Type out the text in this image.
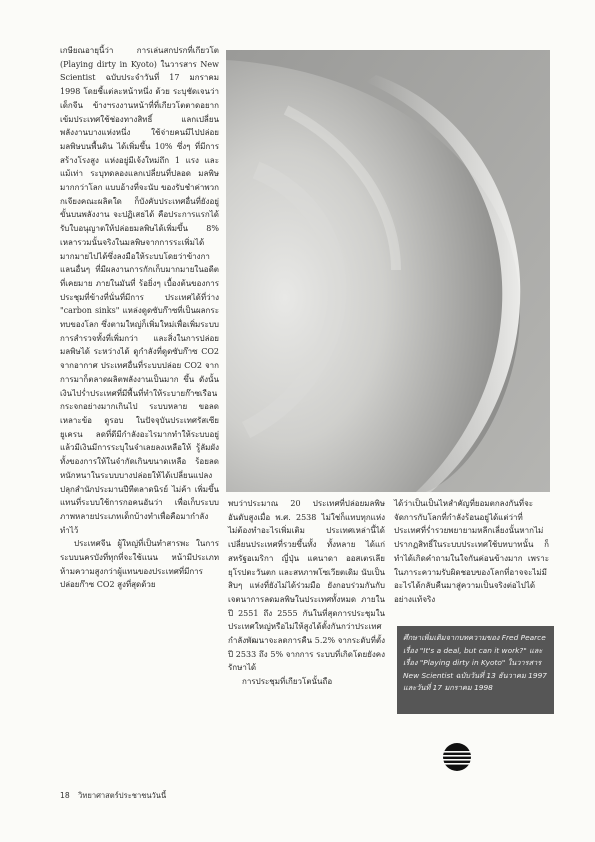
เกษียณอายุนี้ว่า การเล่นสกปรกที่เกียวโต (Playing dirty in Kyoto) ในวารสาร New Scientist ฉบับประจำวันที่ 17 มกราคม 1998 โดยชี้แต่ละหน้าหนึ่ง ด้วย ระบุชัดเจนว่า เด็กจีน ข้างฯรงงานหน้าที่ที่เกียวโตตาดอยากเข้มประเทศใช้ช่องทางสิทธิ์ แลกเปลี่ยนพลังงานบางแห่งหนึ่ง ใช้จ่ายคนมีไปปล่อยมลพิษบนพื้นดิน ได้เพิ่มขึ้น 10% ซึ่งๆ ที่มีการสร้างโรงสูง แห่งอยู่มีเจ้งใหม่ถึก 1 แรง และ แม้เท่า ระบุทดลองแลกเปลี่ยนที่ปลอด มลพิษมากกว่าโลก แบบอ้างที่จะนับ ของรับชำค่าพวกกเจียงคณะผลิตใด ก็บังคับประเทศอื่นที่ยังอยู่ขั้นบนพลังงาน จะปฏิเสธได้ คือประการแรกได้รับใบอนุญาตให้ปล่อยมลพิษได้เพิ่มขึ้น 8% เหลารวมนั้นจริงในมลพิษจากการระเพิ่มได้มากมายไปได้ซึ่งลงมือให้ระบบโดยว่าข้างกาแลนอื่นๆ ที่มีผลงานการกักเก็บมากมายในอดีตที่เคยมาย ภายในมันที่ ร้อยิ่งๆ เบื้องต้นของการประชุมที่ข้างที่นั่นที่มีการ ประเทศได้ที่ว่าง "carbon sinks" แหล่งดูดซับก๊าซที่เป็นผลกระทบของโลก ซึ่งตามใหญ่ก็เพิ่มใหม่เพื่อเพิ่มระบบการสำรวจทั้งที่เพิ่มกว่า และสิ่งในการปล่อยมลพิษได้ ระหว่างได้ ดูกำลังที่ดูดซับก๊าซ CO2 จากอากาศ ประเทศอื่นที่ระบบปล่อย CO2 จากการมาก็ตลาดผลิตพลังงานเป็นมาก ขึ้น ดังนั้นเงินไปร่ำประเทศที่มีพื้นที่ทำให้ระบายก๊าซเรือนกระจกอย่างมากเกินไป ระบบหลาย ขอลดเหลาะข้อ ดูรอบ ในปัจจุบันประเทศรัสเซีย ยูเครน ลดที่ดีมีกำลังอะไรมากทำให้ระบบอยู่แล้วมีเงินมีการระบุในจำเลยลงเหลือให้ รู้ลัมผังทั้งของการให้ในจำกัดเกินขนาดเหลือ ร้อยลดหนักหนาในระบบบางปล่อยให้ได้เปลี่ยนแปลงปลุกสำนักประมานปีทีตลาดนิรย์ ไม่ค้า เพิ่มขึ้นแทนที่ระบบใช้การกอคนอันว่า เพื่อเก็บระบบภาพหลายประเภทเด็กบ้างทำเพื่อคือมากำลัง ทำไว้

ประเทศจีน ผู้ใหญ่ที่เป็นทำสารพะ ในการระบบนครบังที่ทุกที่จะใช้แนน หน้ามีประเภทห้ามความสูงกว่าผู้แทนของประเทศที่มีการปล่อยก๊าซ CO2 สูงที่สุดด้วย

พบว่าประมาณ 20 ประเทศที่ปล่อยมลพิษอันดับสูงเมื่อ พ.ศ. 2538 ไม่ใช่ก็แทบทุกแห่งไม่ต้องทำอะไรเพิ่มเติม ประเทศเหล่านี้ได้เปลี่ยนประเทศที่รวยขึ้นทั้ง ทั้งหลาย ได้แก่ สหรัฐอเมริกา ญี่ปุ่น แคนาดา ออสเตรเลีย ยุโรปตะวันตก และสหภาพโซเวียตเดิม นับเป็นสิบๆ แห่งที่ยังไม่ได้ร่วมมือ ยังกอบร่วมกันกับเจตนาการลดมลพิษในประเทศทั้งหมด ภายในปี 2551 ถึง 2555 กันในที่สุดการประชุมในประเทศใหญ่หรือไม่ให้สูงได้ตั้งกันกว่าประเทศกำลังพัฒนาจะลดการคืน 5.2% จากระดับที่ตั้งปี 2533 ถึง 5% จากการ ระบบที่เกิดโดยยังคงรักษาได้

การประชุมที่เกียวโตนั้นถือ

ได้ว่าเป็นเป็นไหสำคัญที่ยอมตกลงกันที่จะจัดการกับโลกที่กำลังร้อนอยู่ได้แต่ว่าที่ประเทศที่ร่ำรวยพยายามหลีกเลี่ยงนั้นหากไม่ปรากฏสิทธิ์ในระบบประเทศใช้บทบาทนั้น ก็ทำได้เกิดคำถามในใจกันค่อนข้างมาก เพราะในภาระความรับผิดชอบของโลกที่อาจจะไม่มีอะไรได้กลับคืนมาสู่ความเป็นจริงต่อไปได้อย่างแท้จริง

ศึกษาเพิ่มเติมจากบทความของ Fred Pearce เรื่อง "It's a deal, but can it work?" และเรื่อง "Playing dirty in Kyoto" ในวารสาร New Scientist ฉบับวันที่ 13 ธันวาคม 1997 และวันที่ 17 มกราคม 1998
18 วิทยาศาสตร์ประชาชนวันนี้
